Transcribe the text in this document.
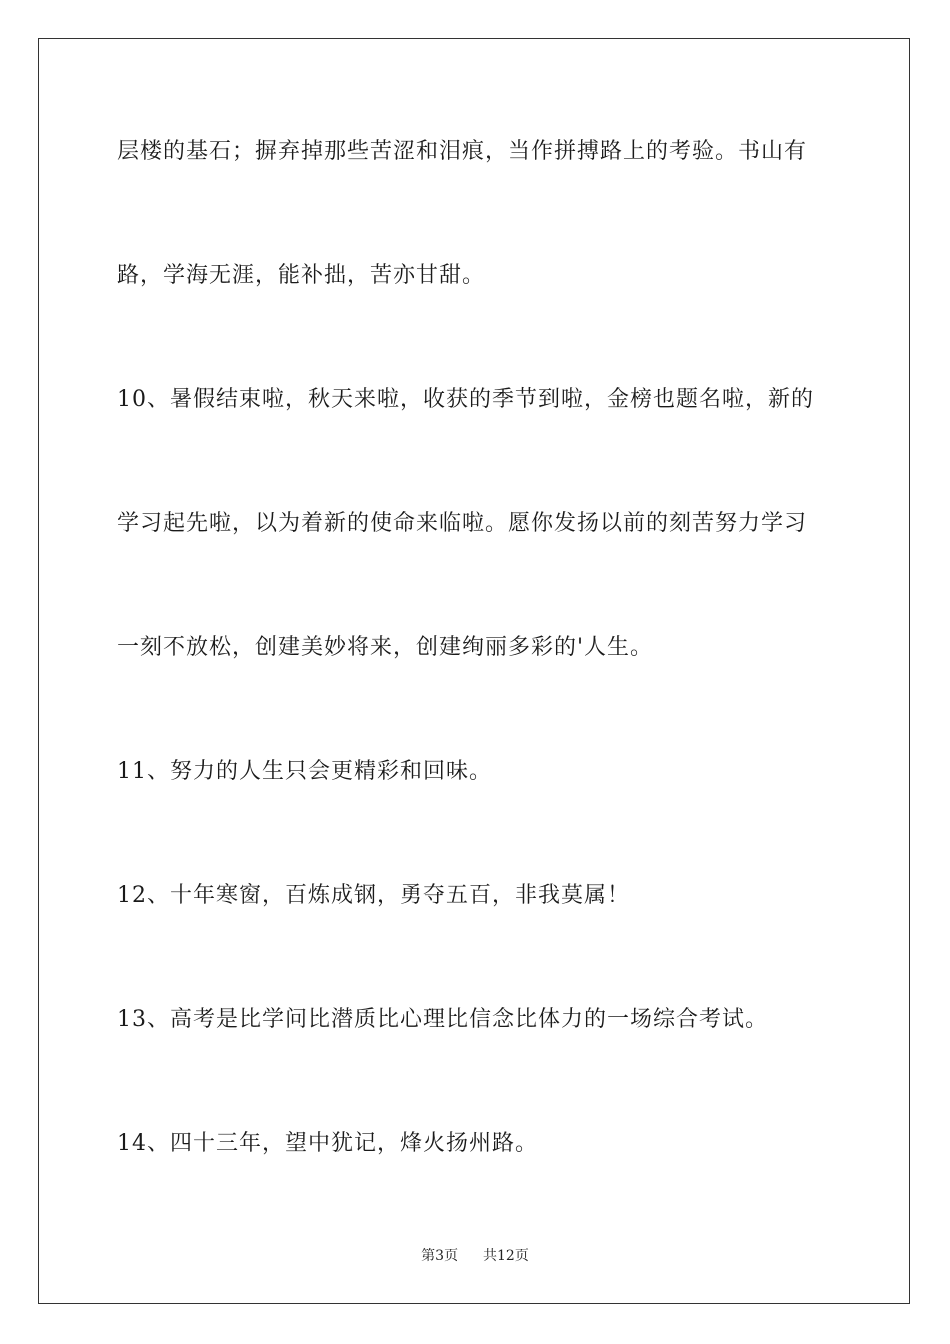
层楼的基石；摒弃掉那些苦涩和泪痕，当作拼搏路上的考验。书山有
路，学海无涯，能补拙，苦亦甘甜。
10、暑假结束啦，秋天来啦，收获的季节到啦，金榜也题名啦，新的
学习起先啦，以为着新的使命来临啦。愿你发扬以前的刻苦努力学习
一刻不放松，创建美妙将来，创建绚丽多彩的'人生。
11、努力的人生只会更精彩和回味。
12、十年寒窗，百炼成钢，勇夺五百，非我莫属！
13、高考是比学问比潜质比心理比信念比体力的一场综合考试。
14、四十三年，望中犹记，烽火扬州路。
第3页 共12页
